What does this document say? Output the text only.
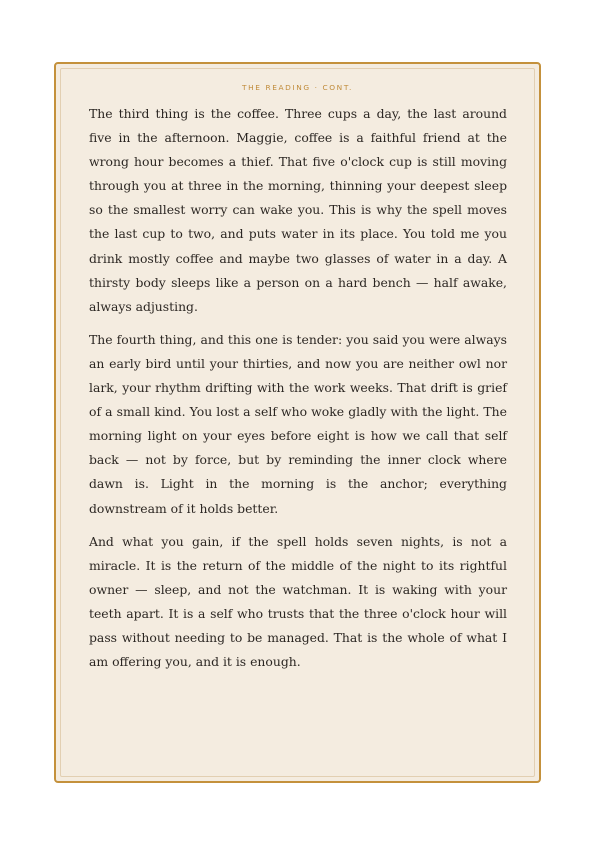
THE READING · CONT.

The third thing is the coffee. Three cups a day, the last around five in the afternoon. Maggie, coffee is a faithful friend at the wrong hour becomes a thief. That five o'clock cup is still moving through you at three in the morning, thinning your deepest sleep so the smallest worry can wake you. This is why the spell moves the last cup to two, and puts water in its place. You told me you drink mostly coffee and maybe two glasses of water in a day. A thirsty body sleeps like a person on a hard bench — half awake, always adjusting.

The fourth thing, and this one is tender: you said you were always an early bird until your thirties, and now you are neither owl nor lark, your rhythm drifting with the work weeks. That drift is grief of a small kind. You lost a self who woke gladly with the light. The morning light on your eyes before eight is how we call that self back — not by force, but by reminding the inner clock where dawn is. Light in the morning is the anchor; everything downstream of it holds better.

And what you gain, if the spell holds seven nights, is not a miracle. It is the return of the middle of the night to its rightful owner — sleep, and not the watchman. It is waking with your teeth apart. It is a self who trusts that the three o'clock hour will pass without needing to be managed. That is the whole of what I am offering you, and it is enough.
